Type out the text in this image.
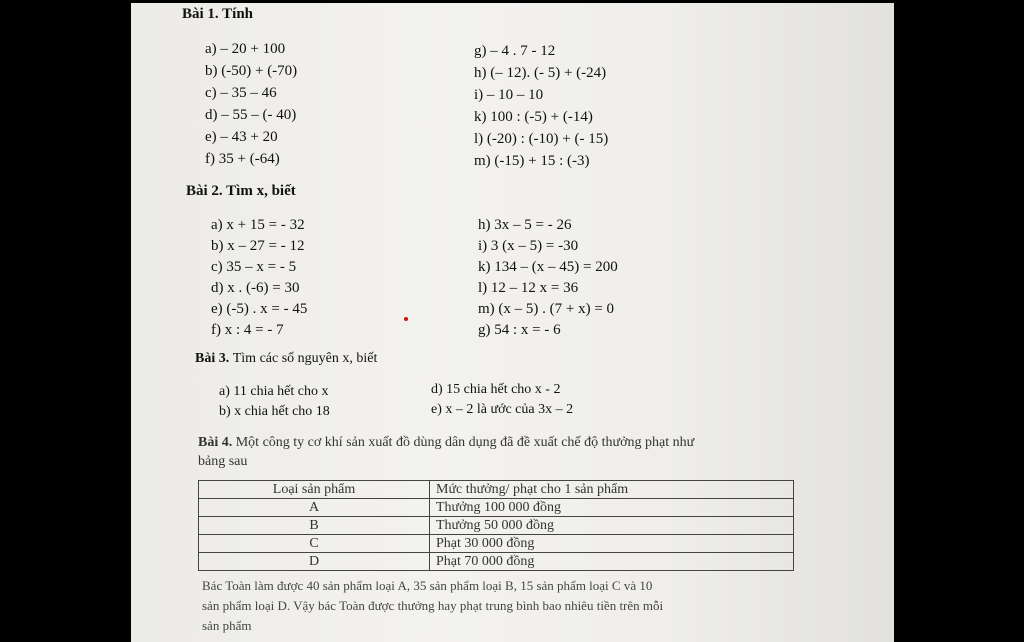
Bài 1. Tính
a) – 20 + 100
b) (-50) + (-70)
c) – 35 – 46
d) – 55 – (- 40)
e) – 43 + 20
f) 35 + (-64)
g) – 4 . 7 - 12
h) (– 12). (- 5) + (-24)
i) – 10 – 10
k) 100 : (-5) + (-14)
l) (-20) : (-10) + (- 15)
m) (-15) + 15 : (-3)
Bài 2. Tìm x, biết
a) x + 15 = - 32
b) x – 27 = - 12
c) 35 – x = - 5
d) x . (-6) = 30
e) (-5) . x = - 45
f) x : 4 = - 7
h) 3x – 5 = - 26
i) 3 (x – 5) = -30
k) 134 – (x – 45) = 200
l) 12 – 12 x = 36
m) (x – 5) . (7 + x) = 0
g) 54 : x = - 6
Bài 3. Tìm các số nguyên x, biết
a) 11 chia hết cho x
b) x chia hết cho 18
d) 15 chia hết cho x - 2
e) x – 2 là ước của 3x – 2
Bài 4. Một công ty cơ khí sản xuất đồ dùng dân dụng đã đề xuất chế độ thưởng phạt như
bảng sau
Loại sản phẩm	Mức thưởng/ phạt cho 1 sản phẩm
A	Thưởng 100 000 đồng
B	Thưởng 50 000 đồng
C	Phạt 30 000 đồng
D	Phạt 70 000 đồng
Bác Toàn làm được 40 sản phẩm loại A, 35 sản phẩm loại B, 15 sản phẩm loại C và 10
sản phẩm loại D. Vậy bác Toàn được thưởng hay phạt trung bình bao nhiêu tiền trên mỗi
sản phẩm
